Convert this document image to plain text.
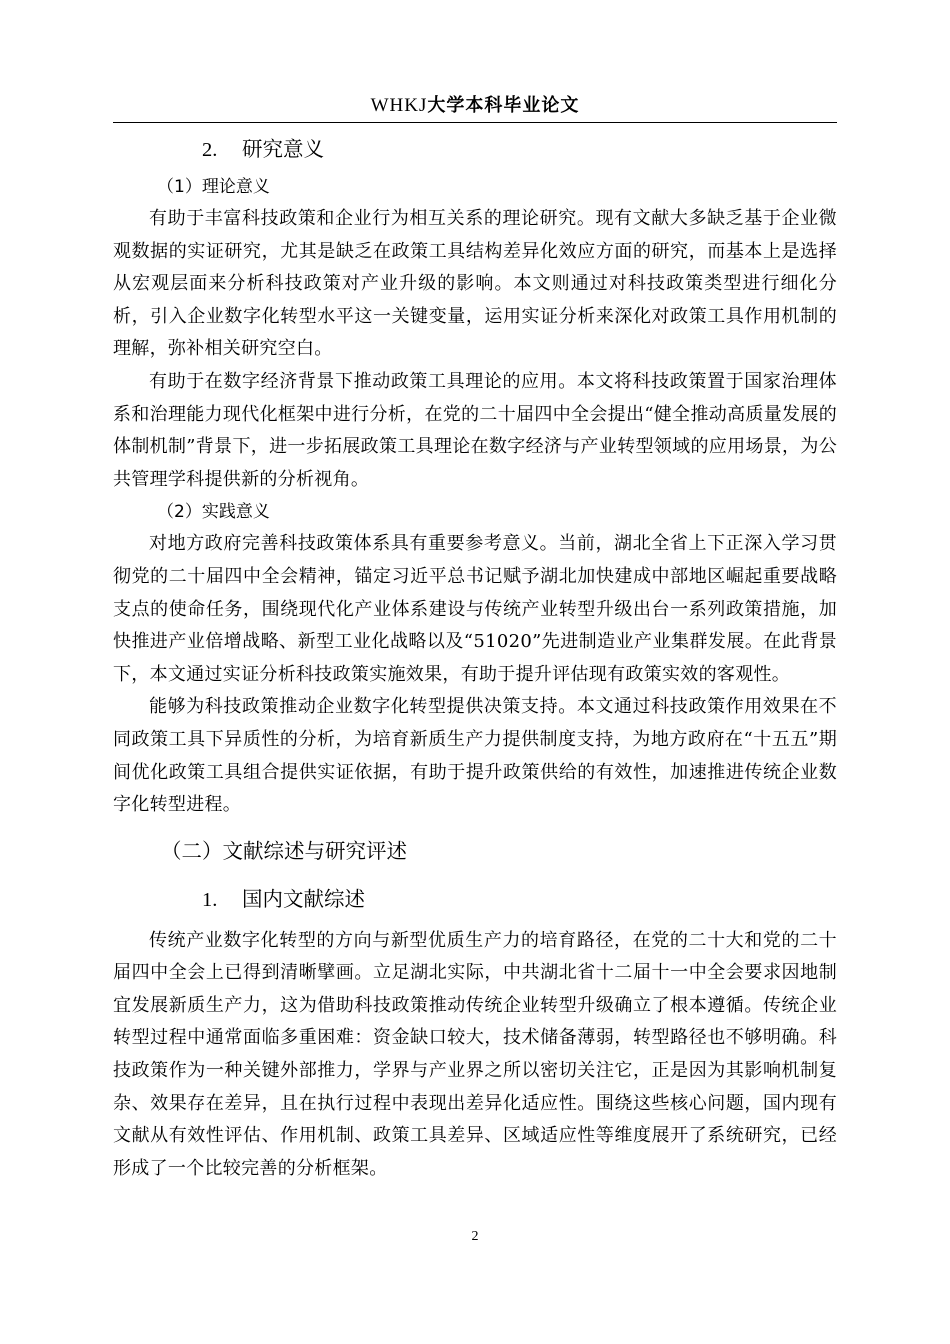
WHKJ大学本科毕业论文
2. 研究意义
（1）理论意义

有助于丰富科技政策和企业行为相互关系的理论研究。现有文献大多缺乏基于企业微观数据的实证研究，尤其是缺乏在政策工具结构差异化效应方面的研究，而基本上是选择从宏观层面来分析科技政策对产业升级的影响。本文则通过对科技政策类型进行细化分析，引入企业数字化转型水平这一关键变量，运用实证分析来深化对政策工具作用机制的理解，弥补相关研究空白。

有助于在数字经济背景下推动政策工具理论的应用。本文将科技政策置于国家治理体系和治理能力现代化框架中进行分析，在党的二十届四中全会提出“健全推动高质量发展的体制机制”背景下，进一步拓展政策工具理论在数字经济与产业转型领域的应用场景，为公共管理学科提供新的分析视角。

（2）实践意义

对地方政府完善科技政策体系具有重要参考意义。当前，湖北全省上下正深入学习贯彻党的二十届四中全会精神，锚定习近平总书记赋予湖北加快建成中部地区崛起重要战略支点的使命任务，围绕现代化产业体系建设与传统产业转型升级出台一系列政策措施，加快推进产业倍增战略、新型工业化战略以及“51020”先进制造业产业集群发展。在此背景下，本文通过实证分析科技政策实施效果，有助于提升评估现有政策实效的客观性。

能够为科技政策推动企业数字化转型提供决策支持。本文通过科技政策作用效果在不同政策工具下异质性的分析，为培育新质生产力提供制度支持，为地方政府在“十五五”期间优化政策工具组合提供实证依据，有助于提升政策供给的有效性，加速推进传统企业数字化转型进程。

（二）文献综述与研究评述
1. 国内文献综述

传统产业数字化转型的方向与新型优质生产力的培育路径，在党的二十大和党的二十届四中全会上已得到清晰擘画。立足湖北实际，中共湖北省十二届十一中全会要求因地制宜发展新质生产力，这为借助科技政策推动传统企业转型升级确立了根本遵循。传统企业转型过程中通常面临多重困难：资金缺口较大，技术储备薄弱，转型路径也不够明确。科技政策作为一种关键外部推力，学界与产业界之所以密切关注它，正是因为其影响机制复杂、效果存在差异，且在执行过程中表现出差异化适应性。围绕这些核心问题，国内现有文献从有效性评估、作用机制、政策工具差异、区域适应性等维度展开了系统研究，已经形成了一个比较完善的分析框架。

2
